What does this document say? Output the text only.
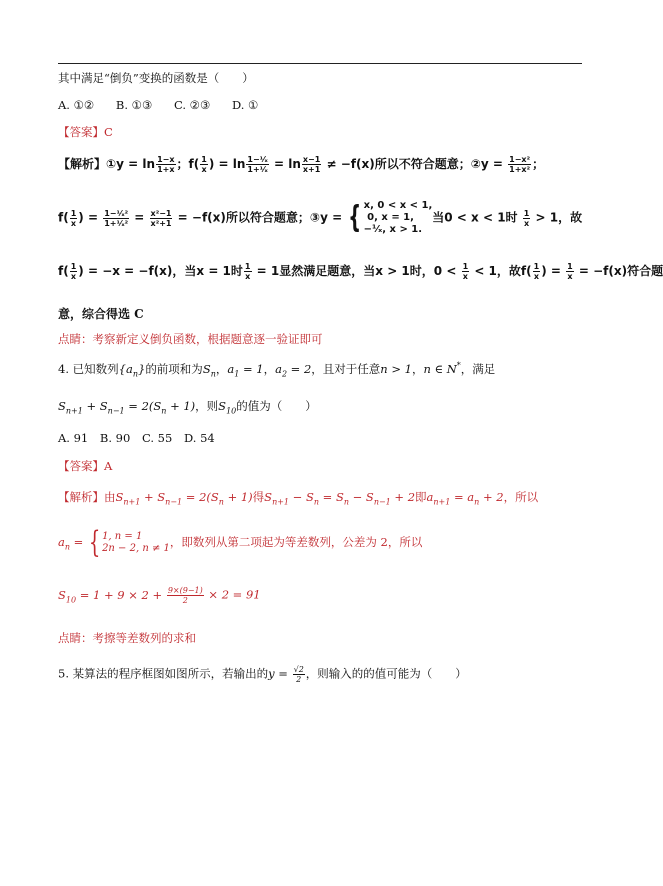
其中满足“倒负”变换的函数是（　　）
A. ①② B. ①③ C. ②③ D. ①
【答案】C
【解析】①y = $\ln \frac{1-x}{1+x}$ ；$f( \frac{1}{x}$ ) = $\ln \frac{\text{1−¹⁄ₓ}}{\text{1+¹⁄ₓ}} = \ln \frac{x-1}{x+1} \ne -f(x)$所以不符合题意；②y = $\frac{\text{1−x²}}{\text{1+x²}}$ ；
$f( \frac{1}{x}$ ) = $\frac{\text{1−¹⁄ₓ²}}{\text{1+¹⁄ₓ²}} = \frac{\text{x²−1}}{\text{x²+1}} = -f(x)$所以符合题意；③y = { x, 0 < x < 1,
0, x = 1,
−¹⁄ₓ, x > 1.
当0 < x < 1时 $\frac{1}{x} > 1$，故
$f( \frac{1}{x}$ ) = −x = −f(x)，当x = 1时 $\frac{1}{x} = 1$显然满足题意，当x > 1时，$0 < \frac{1}{x} < 1$，故$f( \frac{1}{x}$ ) = $\frac{1}{x} = -f(x)$符合题
意，综合得选 C
点睛：考察新定义倒负函数，根据题意逐一验证即可
4. 已知数列$\{a_n\}$的前项和为$S_n$，$a_1 = 1$，$a_2 = 2$，且对于任意n > 1，n ∈ N*，满足
$S_{n+1} + S_{n-1} = 2(S_n + 1)$，则$S_{10}$的值为（　　）
A. 91 B. 90 C. 55 D. 54
【答案】A
【解析】由$S_{n+1} + S_{n-1} = 2(S_n + 1)$得$S_{n+1} - S_n = S_n - S_{n-1} + 2$即$a_{n+1} = a_n + 2$，所以
$a_n$ = { 1, n = 1
2n − 2, n ≠ 1 ，即数列从第二项起为等差数列，公差为 2，所以
$S_{10} = 1 + 9 \times 2 + \frac{9\times(9-1)}{2} \times 2 = 91$
点睛：考擦等差数列的求和
5. 某算法的程序框图如图所示，若输出的$y = \frac{√2}{2}$ ，则输入的的值可能为（　　）
